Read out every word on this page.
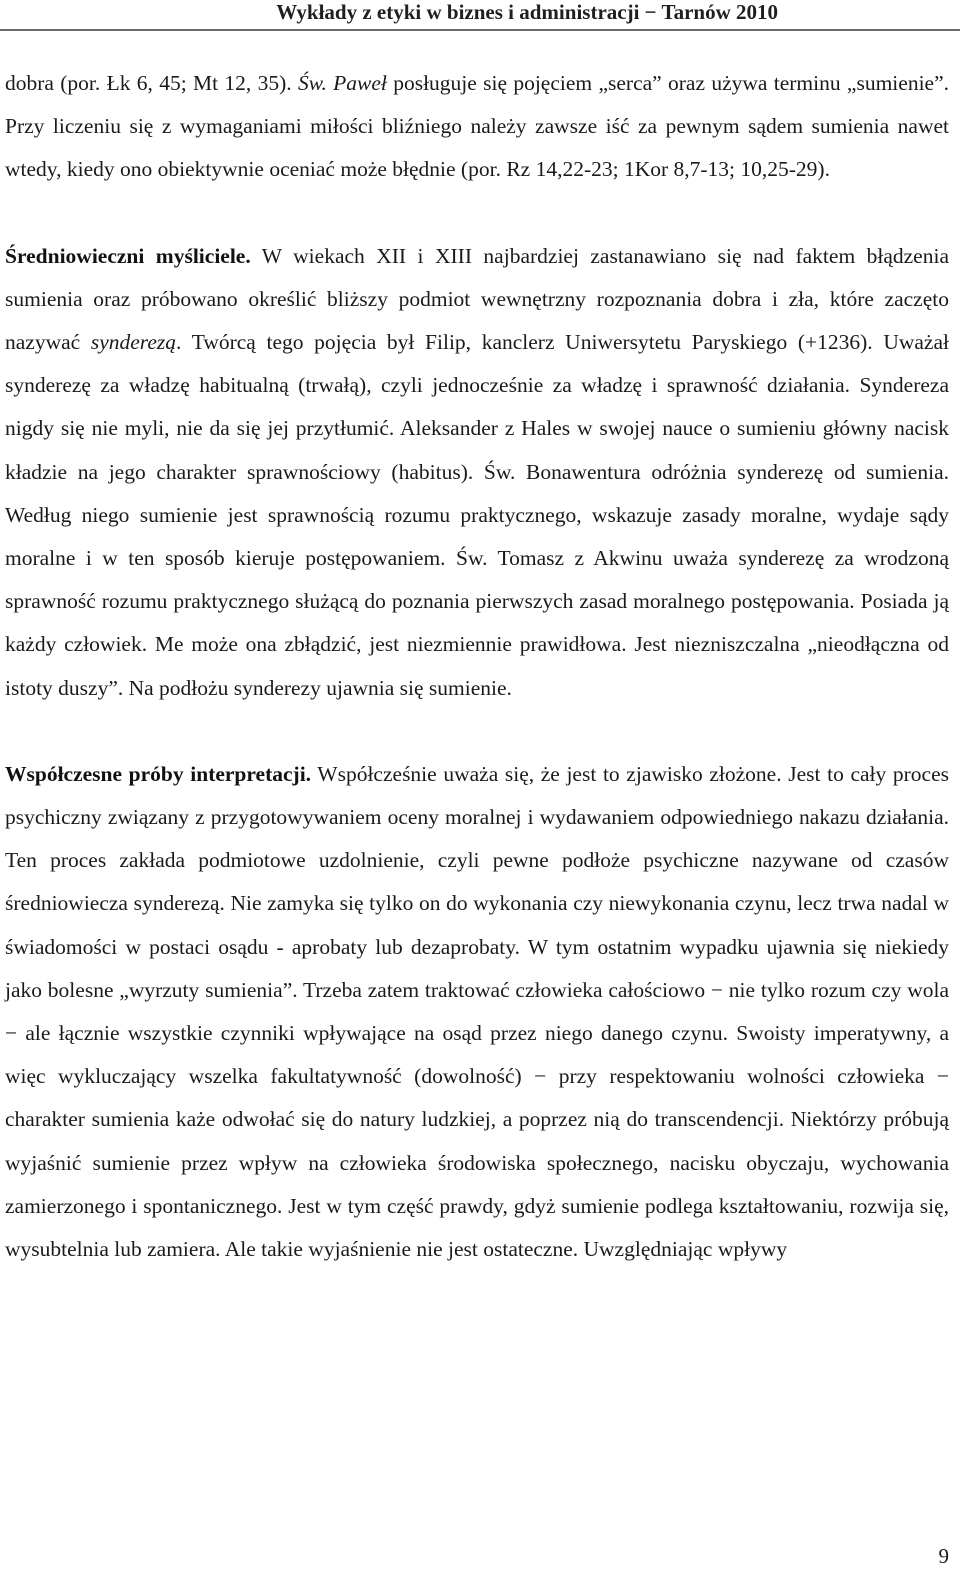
Wykłady z etyki w biznes i administracji − Tarnów 2010

dobra (por. Łk 6, 45; Mt 12, 35). Św. Paweł posługuje się pojęciem „serca” oraz używa terminu „sumienie”. Przy liczeniu się z wymaganiami miłości bliźniego należy zawsze iść za pewnym sądem sumienia nawet wtedy, kiedy ono obiektywnie oceniać może błędnie (por. Rz 14,22-23; 1Kor 8,7-13; 10,25-29).

Średniowieczni myśliciele. W wiekach XII i XIII najbardziej zastanawiano się nad faktem błądzenia sumienia oraz próbowano określić bliższy podmiot wewnętrzny rozpoznania dobra i zła, które zaczęto nazywać synderezą. Twórcą tego pojęcia był Filip, kanclerz Uniwersytetu Paryskiego (+1236). Uważał synderezę za władzę habitualną (trwałą), czyli jednocześnie za władzę i sprawność działania. Syndereza nigdy się nie myli, nie da się jej przytłumić. Aleksander z Hales w swojej nauce o sumieniu główny nacisk kładzie na jego charakter sprawnościowy (habitus). Św. Bonawentura odróżnia synderezę od sumienia. Według niego sumienie jest sprawnością rozumu praktycznego, wskazuje zasady moralne, wydaje sądy moralne i w ten sposób kieruje postępowaniem. Św. Tomasz z Akwinu uważa synderezę za wrodzoną sprawność rozumu praktycznego służącą do poznania pierwszych zasad moralnego postępowania. Posiada ją każdy człowiek. Me może ona zbłądzić, jest niezmiennie prawidłowa. Jest niezniszczalna „nieodłączna od istoty duszy”. Na podłożu synderezy ujawnia się sumienie.

Współczesne próby interpretacji. Współcześnie uważa się, że jest to zjawisko złożone. Jest to cały proces psychiczny związany z przygotowywaniem oceny moralnej i wydawaniem odpowiedniego nakazu działania. Ten proces zakłada podmiotowe uzdolnienie, czyli pewne podłoże psychiczne nazywane od czasów średniowiecza synderezą. Nie zamyka się tylko on do wykonania czy niewykonania czynu, lecz trwa nadal w świadomości w postaci osądu - aprobaty lub dezaprobaty. W tym ostatnim wypadku ujawnia się niekiedy jako bolesne „wyrzuty sumienia”. Trzeba zatem traktować człowieka całościowo − nie tylko rozum czy wola − ale łącznie wszystkie czynniki wpływające na osąd przez niego danego czynu. Swoisty imperatywny, a więc wykluczający wszelka fakultatywność (dowolność) − przy respektowaniu wolności człowieka − charakter sumienia każe odwołać się do natury ludzkiej, a poprzez nią do transcendencji. Niektórzy próbują wyjaśnić sumienie przez wpływ na człowieka środowiska społecznego, nacisku obyczaju, wychowania zamierzonego i spontanicznego. Jest w tym część prawdy, gdyż sumienie podlega kształtowaniu, rozwija się, wysubtelnia lub zamiera. Ale takie wyjaśnienie nie jest ostateczne. Uwzględniając wpływy

9
